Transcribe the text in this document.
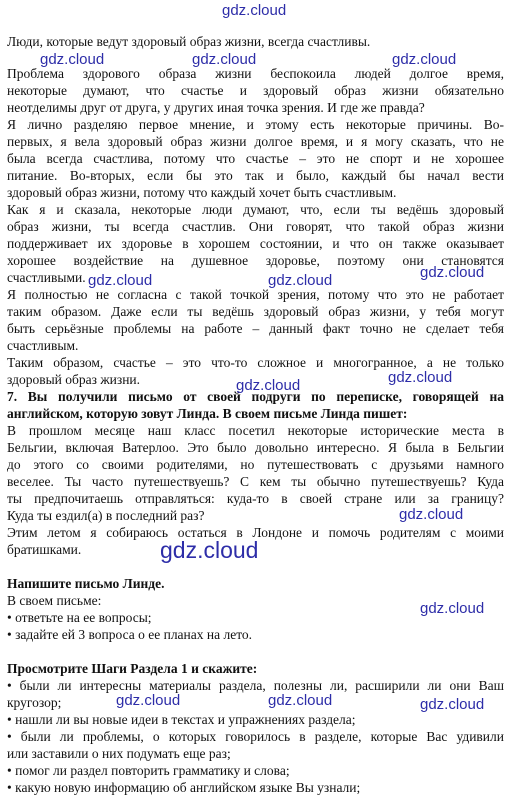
Люди, которые ведут здоровый образ жизни, всегда счастливы.
Проблема здорового образа жизни беспокоила людей долгое время,
некоторые думают, что счастье и здоровый образ жизни обязательно
неотделимы друг от друга, у других иная точка зрения. И где же правда?
Я лично разделяю первое мнение, и этому есть некоторые причины. Во-
первых, я вела здоровый образ жизни долгое время, и я могу сказать, что не
была всегда счастлива, потому что счастье – это не спорт и не хорошее
питание. Во-вторых, если бы это так и было, каждый бы начал вести
здоровый образ жизни, потому что каждый хочет быть счастливым.
Как я и сказала, некоторые люди думают, что, если ты ведёшь здоровый
образ жизни, ты всегда счастлив. Они говорят, что такой образ жизни
поддерживает их здоровье в хорошем состоянии, и что он также оказывает
хорошее воздействие на душевное здоровье, поэтому они становятся
счастливыми.
Я полностью не согласна с такой точкой зрения, потому что это не работает
таким образом. Даже если ты ведёшь здоровый образ жизни, у тебя могут
быть серьёзные проблемы на работе – данный факт точно не сделает тебя
счастливым.
Таким образом, счастье – это что-то сложное и многогранное, а не только
здоровый образ жизни.
7. Вы получили письмо от своей подруги по переписке, говорящей на
английском, которую зовут Линда. В своем письме Линда пишет:
В прошлом месяце наш класс посетил некоторые исторические места в
Бельгии, включая Ватерлоо. Это было довольно интересно. Я была в Бельгии
до этого со своими родителями, но путешествовать с друзьями намного
веселее. Ты часто путешествуешь? С кем ты обычно путешествуешь? Куда
ты предпочитаешь отправляться: куда-то в своей стране или за границу?
Куда ты ездил(а) в последний раз?
Этим летом я собираюсь остаться в Лондоне и помочь родителям с моими
братишками.
Напишите письмо Линде.
В своем письме:
• ответьте на ее вопросы;
• задайте ей 3 вопроса о ее планах на лето.
Просмотрите Шаги Раздела 1 и скажите:
• были ли интересны материалы раздела, полезны ли, расширили ли они Ваш
кругозор;
• нашли ли вы новые идеи в текстах и упражнениях раздела;
• были ли проблемы, о которых говорилось в разделе, которые Вас удивили
или заставили о них подумать еще раз;
• помог ли раздел повторить грамматику и слова;
• какую новую информацию об английском языке Вы узнали;
gdz.cloud
gdz.cloud	gdz.cloud	gdz.cloud
gdz.cloud	gdz.cloud	gdz.cloud
gdz.cloud	gdz.cloud
gdz.cloud
gdz.cloud
gdz.cloud
gdz.cloud	gdz.cloud	gdz.cloud
